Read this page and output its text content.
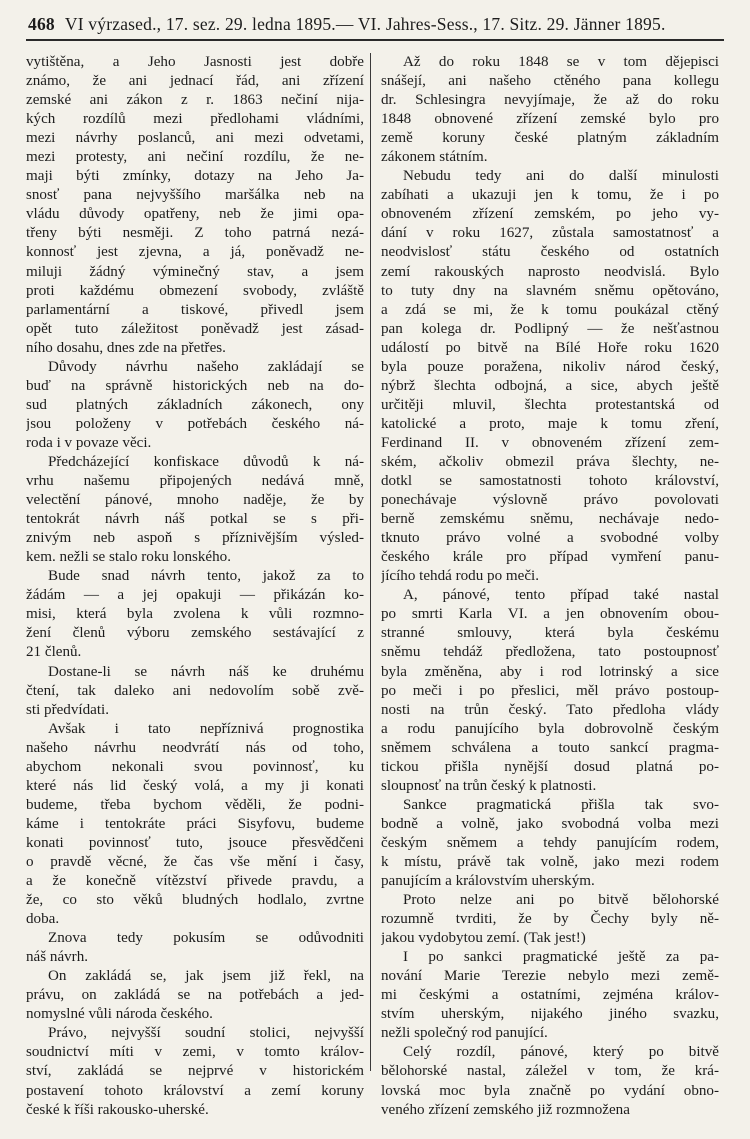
468 VI výrzased., 17. sez. 29. ledna 1895.— VI. Jahres-Sess., 17. Sitz. 29. Jänner 1895.
vytištěna, a Jeho Jasnosti jest dobře
známo, že ani jednací řád, ani zřízení
zemské ani zákon z r. 1863 nečiní nija-
kých rozdílů mezi předlohami vládními,
mezi návrhy poslanců, ani mezi odvetami,
mezi protesty, ani nečiní rozdílu, že ne-
maji býti zmínky, dotazy na Jeho Ja-
snosť pana nejvyššího maršálka neb na
vládu důvody opatřeny, neb že jimi opa-
třeny býti nesměji. Z toho patrná nezá-
konnosť jest zjevna, a já, poněvadž ne-
miluji žádný výminečný stav, a jsem
proti každému obmezení svobody, zvláště
parlamentární a tiskové, přivedl jsem
opět tuto záležitost poněvadž jest zásad-
ního dosahu, dnes zde na přetřes.
Důvody návrhu našeho zakládají se
buď na správně historických neb na do-
sud platných základních zákonech, ony
jsou položeny v potřebách českého ná-
roda i v povaze věci.
Předcházející konfiskace důvodů k ná-
vrhu našemu připojených nedává mně,
velectění pánové, mnoho naděje, že by
tentokrát návrh náš potkal se s při-
znivým neb aspoň s příznivějším výsled-
kem. nežli se stalo roku lonského.
Bude snad návrh tento, jakož za to
žádám — a jej opakuji — přikázán ko-
misi, která byla zvolena k vůli rozmno-
žení členů výboru zemského sestávající z
21 členů.
Dostane-li se návrh náš ke druhému
čtení, tak daleko ani nedovolím sobě zvě-
sti předvídati.
Avšak i tato nepříznivá prognostika
našeho návrhu neodvrátí nás od toho,
abychom nekonali svou povinnosť, ku
které nás lid český volá, a my ji konati
budeme, třeba bychom věděli, že podni-
káme i tentokráte práci Sisyfovu, budeme
konati povinnosť tuto, jsouce přesvědčeni
o pravdě věcné, že čas vše mění i časy,
a že konečně vítězství přivede pravdu, a
že, co sto věků bludných hodlalo, zvrtne
doba.
Znova tedy pokusím se odůvodniti
náš návrh.
On zakládá se, jak jsem již řekl, na
právu, on zakládá se na potřebách a jed-
nomyslné vůli národa českého.
Právo, nejvyšší soudní stolici, nejvyšší
soudnictví míti v zemi, v tomto králov-
ství, zakládá se nejprvé v historickém
postavení tohoto království a zemí koruny
české k říši rakousko-uherské.
Až do roku 1848 se v tom dějepisci
snášejí, ani našeho ctěného pana kollegu
dr. Schlesingra nevyjímaje, že až do roku
1848 obnovené zřízení zemské bylo pro
země koruny české platným základním
zákonem státním.
Nebudu tedy ani do další minulosti
zabíhati a ukazuji jen k tomu, že i po
obnoveném zřízení zemském, po jeho vy-
dání v roku 1627, zůstala samostatnosť a
neodvislosť státu českého od ostatních
zemí rakouských naprosto neodvislá. Bylo
to tuty dny na slavném sněmu opětováno,
a zdá se mi, že k tomu poukázal ctěný
pan kolega dr. Podlipný — že nešťastnou
událostí po bitvě na Bílé Hoře roku 1620
byla pouze poražena, nikoliv národ český,
nýbrž šlechta odbojná, a sice, abych ještě
určitěji mluvil, šlechta protestantská od
katolické a proto, maje k tomu zření,
Ferdinand II. v obnoveném zřízení zem-
ském, ačkoliv obmezil práva šlechty, ne-
dotkl se samostatnosti tohoto království,
ponechávaje výslovně právo povolovati
berně zemskému sněmu, nechávaje nedo-
tknuto právo volné a svobodné volby
českého krále pro případ vymření panu-
jícího tehdá rodu po meči.
A, pánové, tento případ také nastal
po smrti Karla VI. a jen obnovením obou-
stranné smlouvy, která byla českému
sněmu tehdáž předložena, tato postoupnosť
byla změněna, aby i rod lotrinský a sice
po meči i po přeslici, měl právo postoup-
nosti na trůn český. Tato předloha vlády
a rodu panujícího byla dobrovolně českým
sněmem schválena a touto sankcí pragma-
tickou přišla nynější dosud platná po-
sloupnosť na trůn český k platnosti.
Sankce pragmatická přišla tak svo-
bodně a volně, jako svobodná volba mezi
českým sněmem a tehdy panujícím rodem,
k místu, právě tak volně, jako mezi rodem
panujícím a královstvím uherským.
Proto nelze ani po bitvě bělohorské
rozumně tvrditi, že by Čechy byly ně-
jakou vydobytou zemí. (Tak jest!)
I po sankci pragmatické ještě za pa-
nování Marie Terezie nebylo mezi země-
mi českými a ostatními, zejména králov-
stvím uherským, nijakého jiného svazku,
nežli společný rod panující.
Celý rozdíl, pánové, který po bitvě
bělohorské nastal, záležel v tom, že krá-
lovská moc byla značně po vydání obno-
veného zřízení zemského již rozmnožena
